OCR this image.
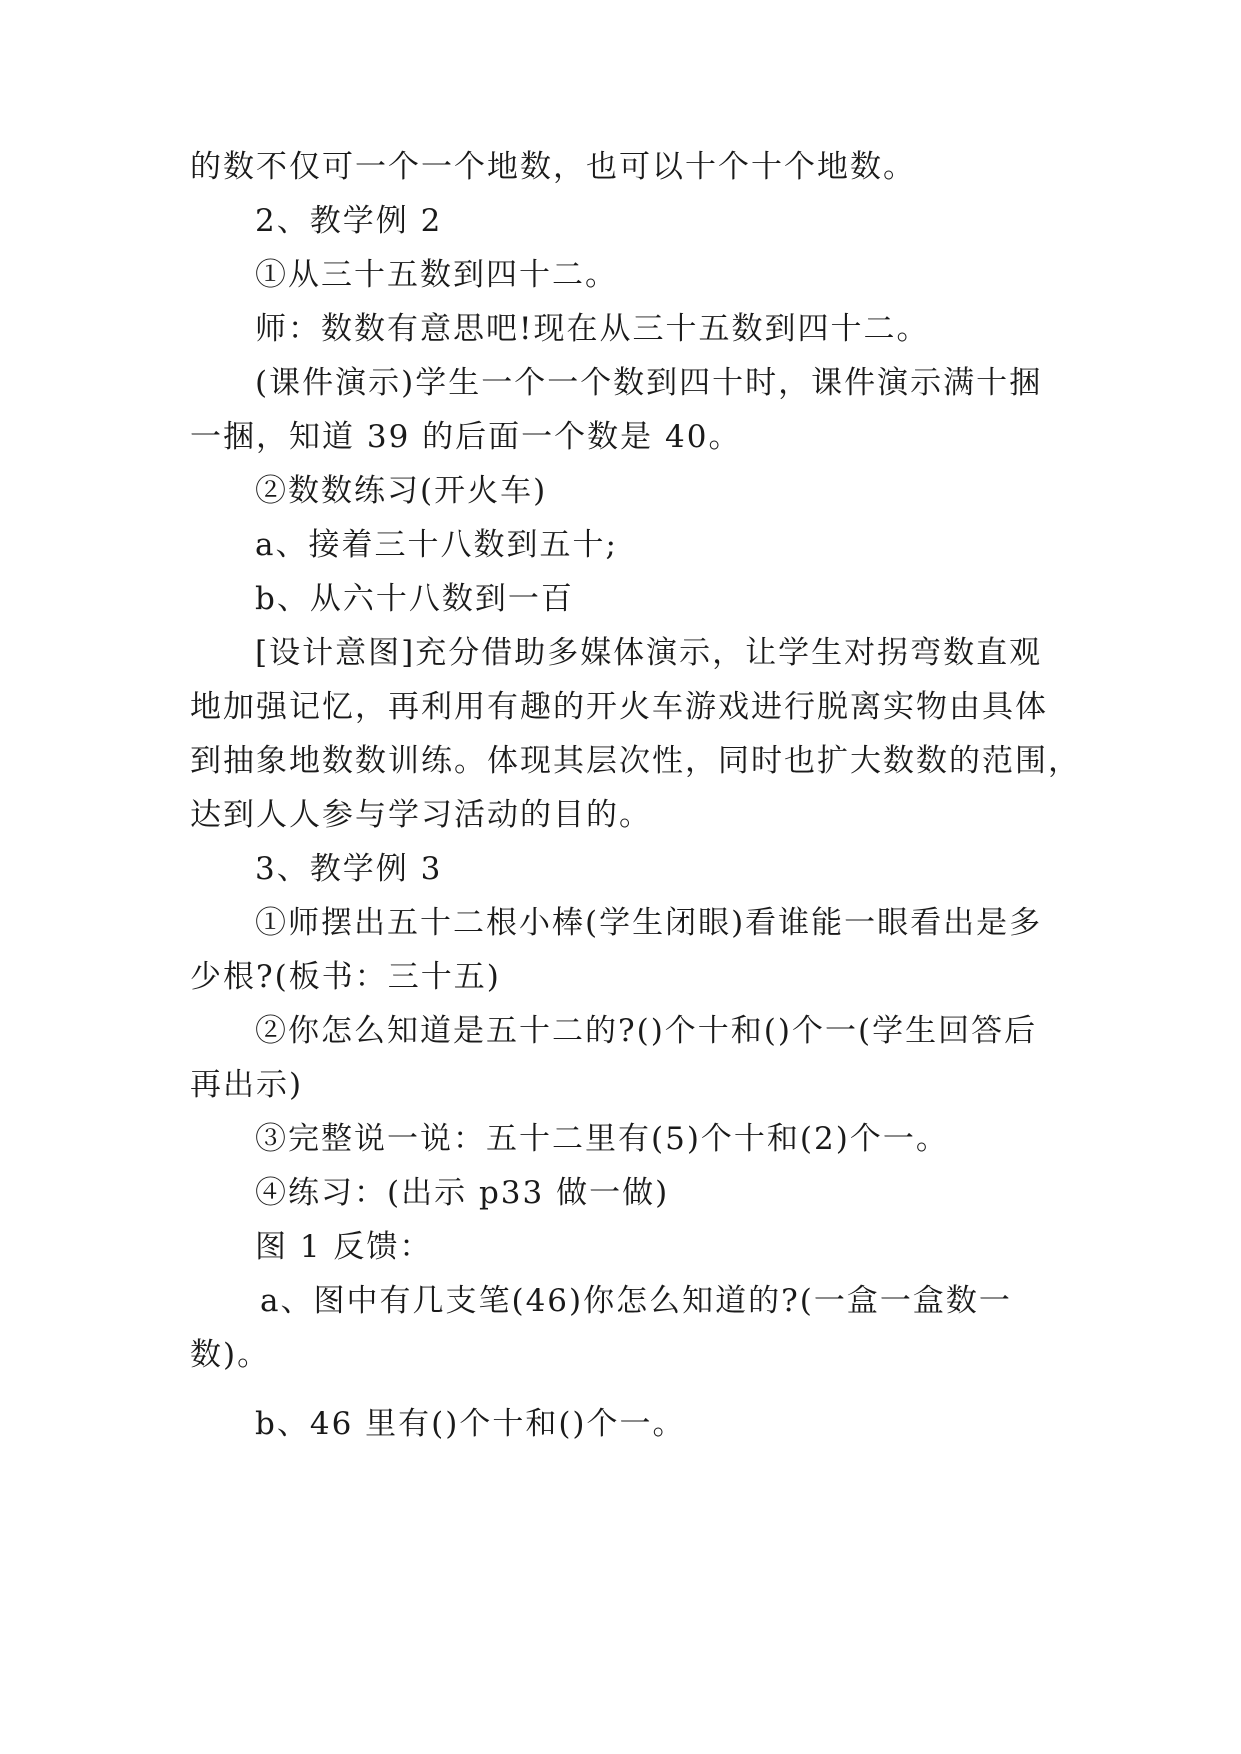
的数不仅可一个一个地数，也可以十个十个地数。
2、教学例 2
①从三十五数到四十二。
师：数数有意思吧!现在从三十五数到四十二。
(课件演示)学生一个一个数到四十时，课件演示满十捆
一捆，知道 39 的后面一个数是 40。
②数数练习(开火车)
a、接着三十八数到五十;
b、从六十八数到一百
[设计意图]充分借助多媒体演示，让学生对拐弯数直观
地加强记忆，再利用有趣的开火车游戏进行脱离实物由具体
到抽象地数数训练。体现其层次性，同时也扩大数数的范围，
达到人人参与学习活动的目的。
3、教学例 3
①师摆出五十二根小棒(学生闭眼)看谁能一眼看出是多
少根?(板书：三十五)
②你怎么知道是五十二的?()个十和()个一(学生回答后
再出示)
③完整说一说：五十二里有(5)个十和(2)个一。
④练习：(出示 p33 做一做)
图 1 反馈：
a、图中有几支笔(46)你怎么知道的?(一盒一盒数一
数)。
b、46 里有()个十和()个一。
